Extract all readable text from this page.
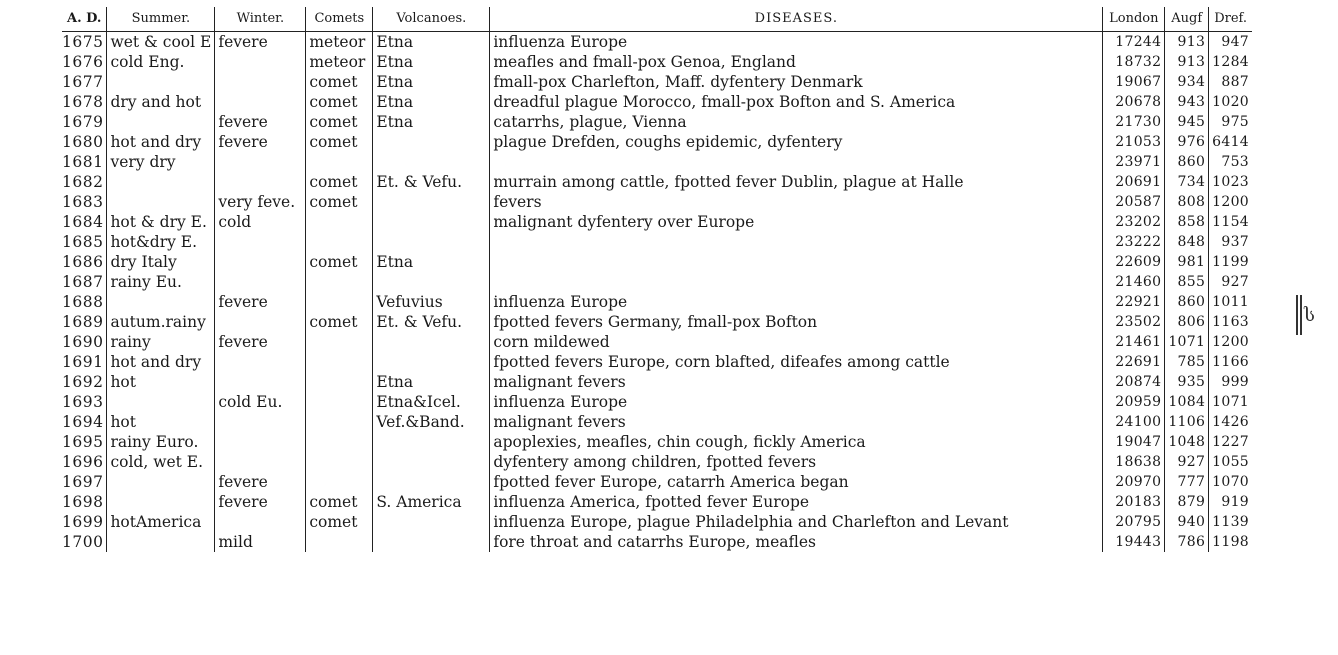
A. D.	Summer.	Winter.	Comets	Volcanoes.	DISEASES.	London	Augf	Dref.
1675	wet & cool E	fevere	meteor	Etna	influenza Europe	17244	913	947
1676	cold Eng.		meteor	Etna	meafles and fmall-pox Genoa, England	18732	913	1284
1677			comet	Etna	fmall-pox Charlefton, Maff. dyfentery Denmark	19067	934	887
1678	dry and hot		comet	Etna	dreadful plague Morocco, fmall-pox Bofton and S. America	20678	943	1020
1679		fevere	comet	Etna	catarrhs, plague, Vienna	21730	945	975
1680	hot and dry	fevere	comet		plague Drefden, coughs epidemic, dyfentery	21053	976	6414
1681	very dry					23971	860	753
1682			comet	Et. & Vefu.	murrain among cattle, fpotted fever Dublin, plague at Halle	20691	734	1023
1683		very feve.	comet		fevers	20587	808	1200
1684	hot & dry E.	cold			malignant dyfentery over Europe	23202	858	1154
1685	hot&dry E.					23222	848	937
1686	dry Italy		comet	Etna		22609	981	1199
1687	rainy Eu.					21460	855	927
1688		fevere		Vefuvius	influenza Europe	22921	860	1011
1689	autum.rainy		comet	Et. & Vefu.	fpotted fevers Germany, fmall-pox Bofton	23502	806	1163
1690	rainy	fevere			corn mildewed	21461	1071	1200
1691	hot and dry				fpotted fevers Europe, corn blafted, difeafes among cattle	22691	785	1166
1692	hot			Etna	malignant fevers	20874	935	999
1693		cold Eu.		Etna&Icel.	influenza Europe	20959	1084	1071
1694	hot			Vef.&Band.	malignant fevers	24100	1106	1426
1695	rainy Euro.				apoplexies, meafles, chin cough, fickly America	19047	1048	1227
1696	cold, wet E.				dyfentery among children, fpotted fevers	18638	927	1055
1697		fevere			fpotted fever Europe, catarrh America began	20970	777	1070
1698		fevere	comet	S. America	influenza America, fpotted fever Europe	20183	879	919
1699	hotAmerica		comet		influenza Europe, plague Philadelphia and Charlefton and Levant	20795	940	1139
1700		mild			fore throat and catarrhs Europe, meafles	19443	786	1198
ს
